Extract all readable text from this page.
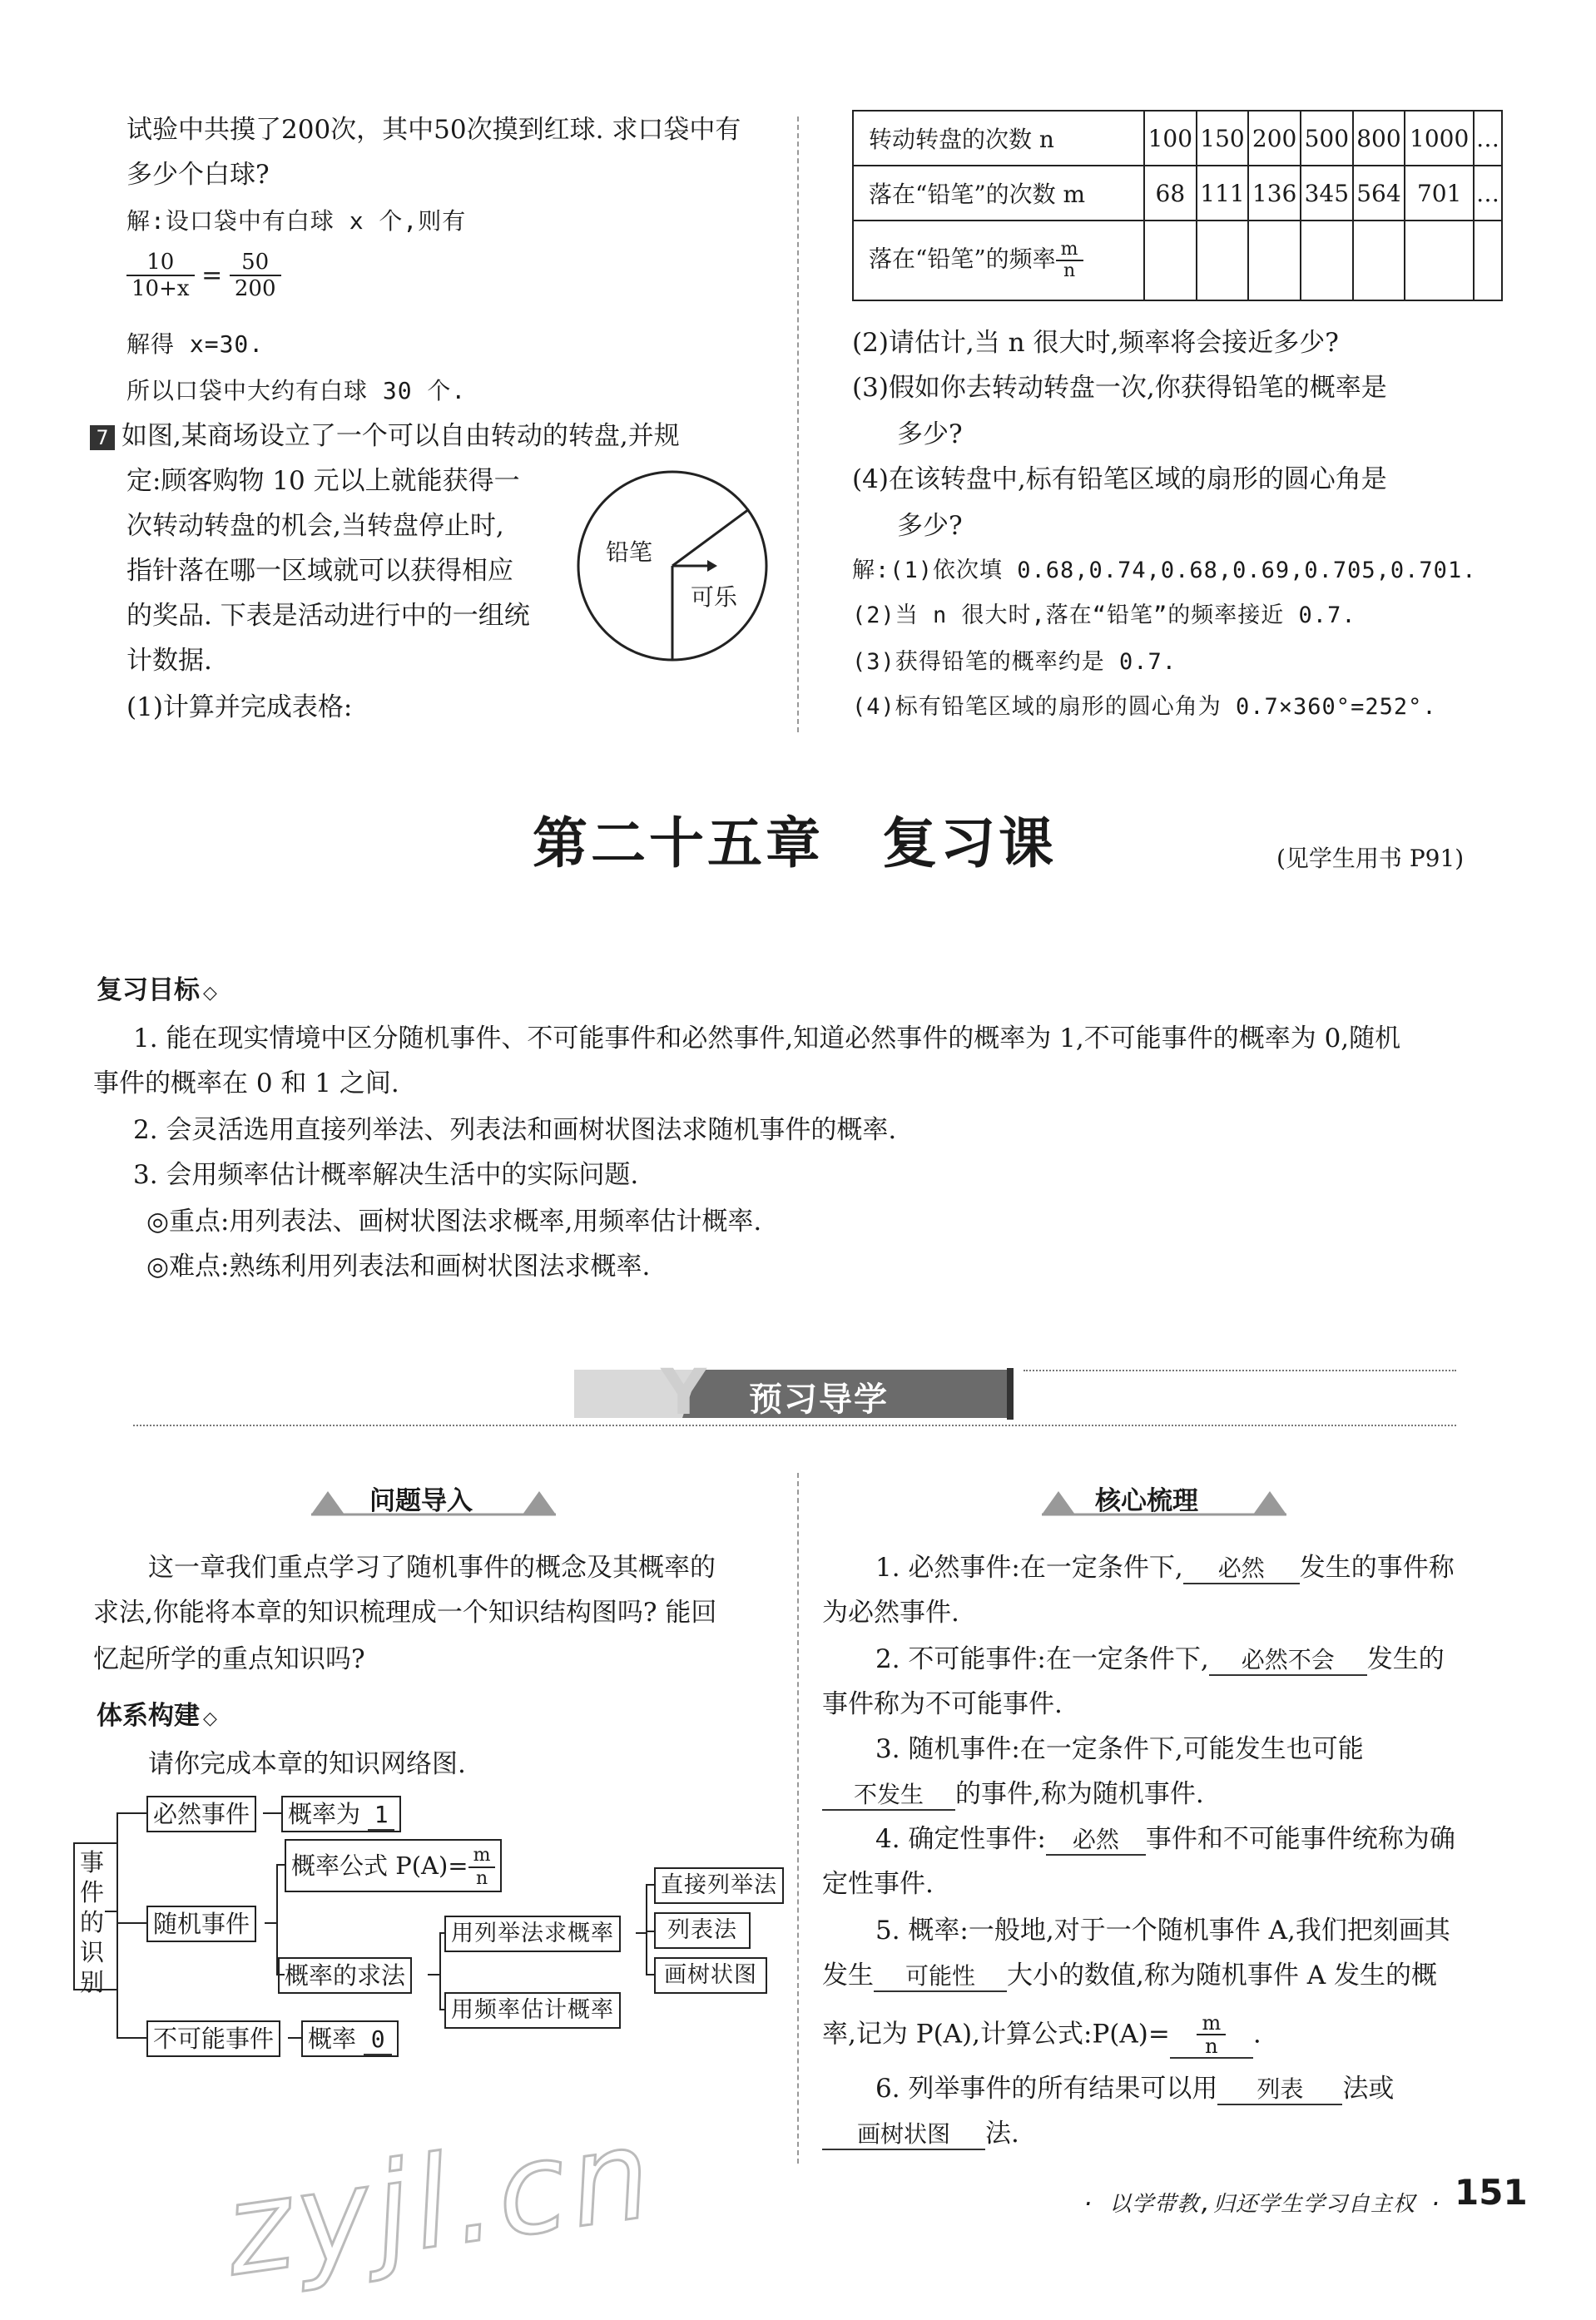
试验中共摸了200次，其中50次摸到红球. 求口袋中有
多少个白球?
解:设口袋中有白球 x 个,则有
$\frac{10}{10+x} = \frac{50}{200}$
解得 x=30.
所以口袋中大约有白球 30 个.
7 如图,某商场设立了一个可以自由转动的转盘,并规
定:顾客购物 10 元以上就能获得一
次转动转盘的机会,当转盘停止时,
指针落在哪一区域就可以获得相应
的奖品. 下表是活动进行中的一组统
计数据.
(1)计算并完成表格:
铅笔
可乐
转动转盘的次数 n	100	150	200	500	800	1000	…
落在“铅笔”的次数 m	68	111	136	345	564	701	…
落在“铅笔”的频率 $\frac{m}{n}$

(2)请估计,当 n 很大时,频率将会接近多少?
(3)假如你去转动转盘一次,你获得铅笔的概率是
多少?
(4)在该转盘中,标有铅笔区域的扇形的圆心角是
多少?
解:(1)依次填 0.68,0.74,0.68,0.69,0.705,0.701.
(2)当 n 很大时,落在“铅笔”的频率接近 0.7.
(3)获得铅笔的概率约是 0.7.
(4)标有铅笔区域的扇形的圆心角为 0.7×360°=252°.
第二十五章　复习课	(见学生用书 P91)
复习目标 ◇
1. 能在现实情境中区分随机事件、不可能事件和必然事件,知道必然事件的概率为 1,不可能事件的概率为 0,随机
事件的概率在 0 和 1 之间.
2. 会灵活选用直接列举法、列表法和画树状图法求随机事件的概率.
3. 会用频率估计概率解决生活中的实际问题.
◎重点:用列表法、画树状图法求概率,用频率估计概率.
◎难点:熟练利用列表法和画树状图法求概率.
Y 预习导学
问题导入
这一章我们重点学习了随机事件的概念及其概率的
求法,你能将本章的知识梳理成一个知识结构图吗? 能回
忆起所学的重点知识吗?
体系构建 ◇
请你完成本章的知识网络图.
事件的识别
必然事件 概率为 1
随机事件
概率公式 $P(A)= \frac{m}{n}$
概率的求法
用列举法求概率
用频率估计概率
直接列举法
列表法
画树状图
不可能事件 概率 0
核心梳理
1. 必然事件:在一定条件下, 必然 发生的事件称
为必然事件.
2. 不可能事件:在一定条件下, 必然不会 发生的
事件称为不可能事件.
3. 随机事件:在一定条件下,可能发生也可能
不发生 的事件,称为随机事件.
4. 确定性事件: 必然 事件和不可能事件统称为确
定性事件.
5. 概率:一般地,对于一个随机事件 A,我们把刻画其
发生 可能性 大小的数值,称为随机事件 A 发生的概
率,记为 P(A),计算公式:P(A)= $\frac{m}{n}$ .
6. 列举事件的所有结果可以用 列表 法或
画树状图 法.
zyjl.cn	· 以学带教,归还学生学习自主权 · 151
